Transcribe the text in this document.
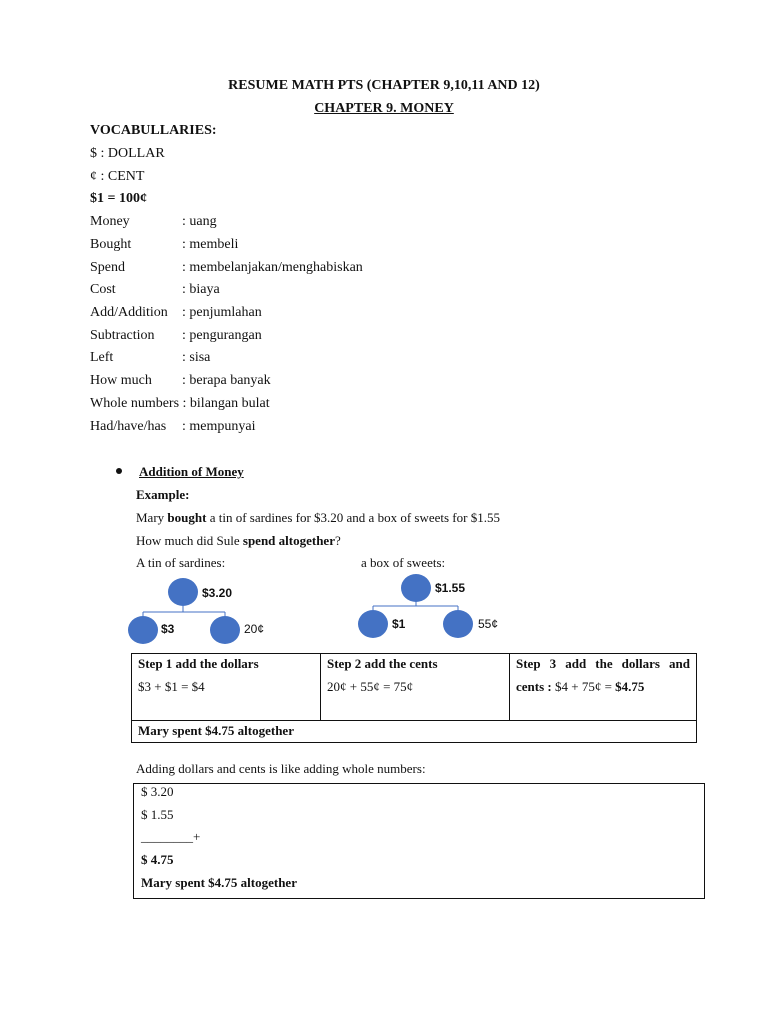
RESUME MATH PTS (CHAPTER 9,10,11 AND 12)
CHAPTER 9. MONEY
VOCABULLARIES:
$ : DOLLAR
¢ : CENT
$1 = 100¢
Money	: uang
Bought	: membeli
Spend	: membelanjakan/menghabiskan
Cost	: biaya
Add/Addition	: penjumlahan
Subtraction	: pengurangan
Left	: sisa
How much	: berapa banyak
Whole numbers : bilangan bulat
Had/have/has	: mempunyai
Addition of Money
Example:
Mary bought a tin of sardines for $3.20 and a box of sweets for $1.55
How much did Sule spend altogether?
A tin of sardines:	a box of sweets:
$3.20
$3	20¢
$1.55
$1	55¢
Step 1 add the dollars
$3 + $1 = $4

Step 2 add the cents
20¢ + 55¢ = 75¢

Step 3 add the dollars and
cents : $4 + 75¢ = $4.75

Mary spent $4.75 altogether
Adding dollars and cents is like adding whole numbers:
$ 3.20
$ 1.55
________+
$ 4.75
Mary spent $4.75 altogether
